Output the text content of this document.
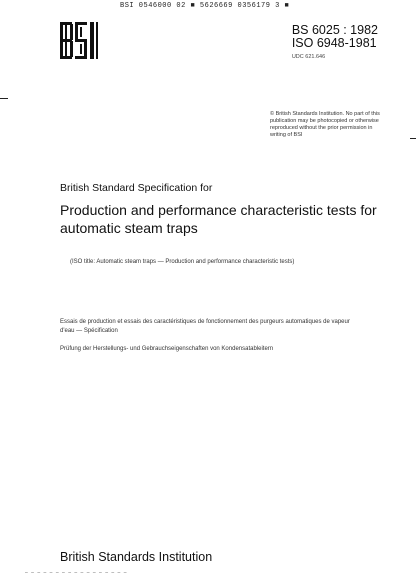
BSI 0546000 02 ■ 5626669 0356179 3 ■
BS 6025 : 1982
ISO 6948-1981
UDC 621.646
© British Standards Institution. No part of this publication may be photocopied or otherwise reproduced without the prior permission in writing of BSI
British Standard Specification for
Production and performance characteristic tests for automatic steam traps
(ISO title: Automatic steam traps — Production and performance characteristic tests)
Essais de production et essais des caractéristiques de fonctionnement des purgeurs automatiques de vapeur d'eau — Spécification
Prüfung der Herstellungs- und Gebrauchseigenschaften von Kondensatableitern
British Standards Institution
– – – – – – – – – – – – – – – – –
